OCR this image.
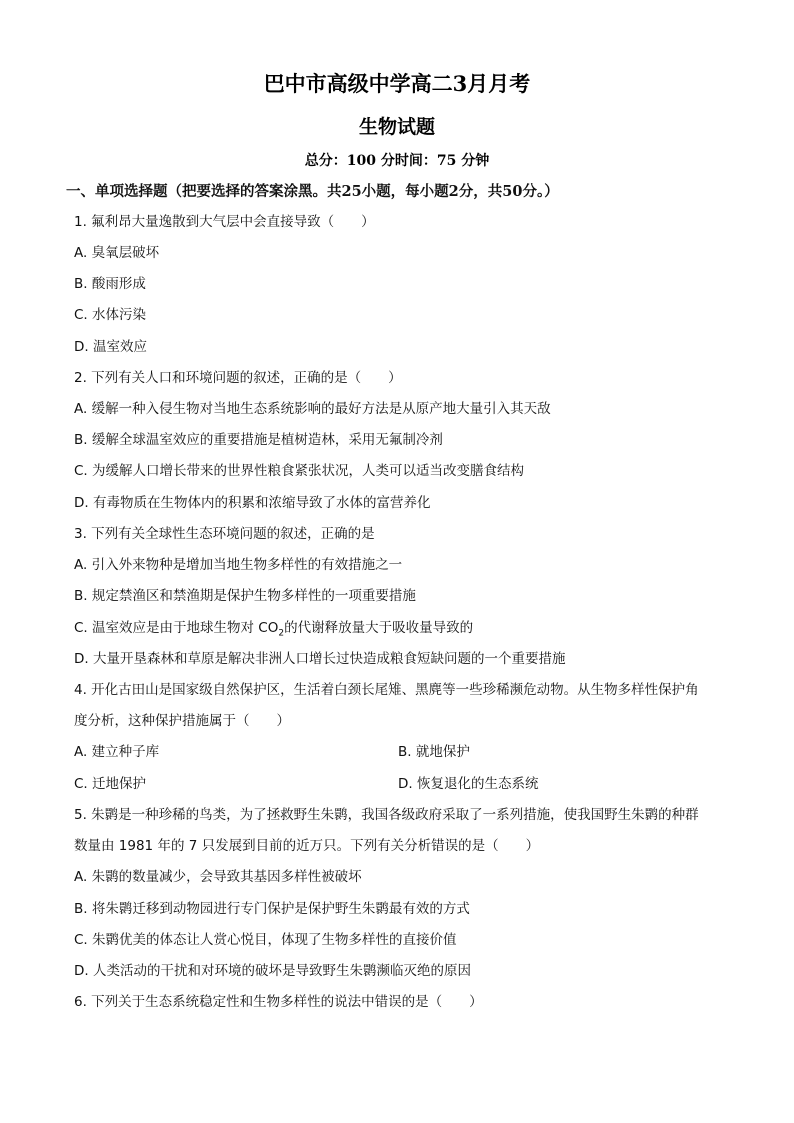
巴中市高级中学高二3月月考
生物试题
总分：100 分时间：75 分钟
一、单项选择题（把要选择的答案涂黑。共25小题，每小题2分，共50分。）
1. 氟利昂大量逸散到大气层中会直接导致（　　）
A. 臭氧层破坏
B. 酸雨形成
C. 水体污染
D. 温室效应
2. 下列有关人口和环境问题的叙述，正确的是（　　）
A. 缓解一种入侵生物对当地生态系统影响的最好方法是从原产地大量引入其天敌
B. 缓解全球温室效应的重要措施是植树造林，采用无氟制冷剂
C. 为缓解人口增长带来的世界性粮食紧张状况，人类可以适当改变膳食结构
D. 有毒物质在生物体内的积累和浓缩导致了水体的富营养化
3. 下列有关全球性生态环境问题的叙述，正确的是
A. 引入外来物种是增加当地生物多样性的有效措施之一
B. 规定禁渔区和禁渔期是保护生物多样性的一项重要措施
C. 温室效应是由于地球生物对 $CO_2$的代谢释放量大于吸收量导致的
D. 大量开垦森林和草原是解决非洲人口增长过快造成粮食短缺问题的一个重要措施
4. 开化古田山是国家级自然保护区，生活着白颈长尾雉、黑麂等一些珍稀濒危动物。从生物多样性保护角
度分析，这种保护措施属于（　　）
A. 建立种子库	B. 就地保护
C. 迁地保护	D. 恢复退化的生态系统
5. 朱鹮是一种珍稀的鸟类，为了拯救野生朱鹮，我国各级政府采取了一系列措施，使我国野生朱鹮的种群
数量由 1981 年的 7 只发展到目前的近万只。下列有关分析错误的是（　　）
A. 朱鹮的数量减少，会导致其基因多样性被破坏
B. 将朱鹮迁移到动物园进行专门保护是保护野生朱鹮最有效的方式
C. 朱鹮优美的体态让人赏心悦目，体现了生物多样性的直接价值
D. 人类活动的干扰和对环境的破坏是导致野生朱鹮濒临灭绝的原因
6. 下列关于生态系统稳定性和生物多样性的说法中错误的是（　　）
